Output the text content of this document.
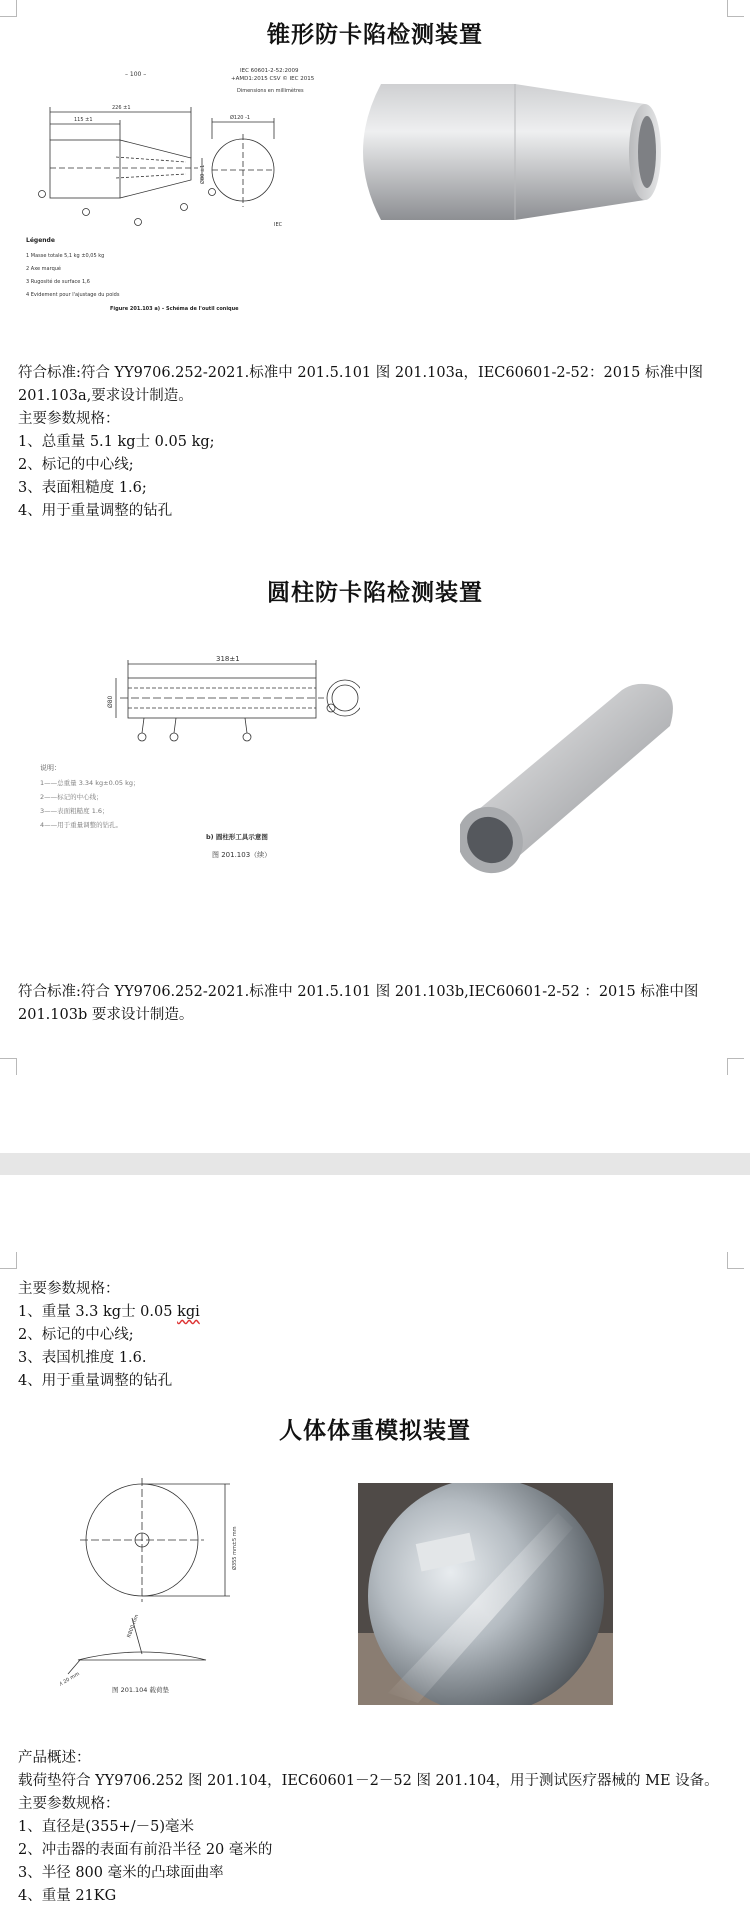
锥形防卡陷检测装置
– 100 –	IEC 60601-2-52:2009
+AMD1:2015 CSV © IEC 2015
Dimensions en millimètres
226 ±1
115 ±1	Ø120 -1
Ø80 ±1
IEC
Légende
1 Masse totale 5,1 kg ±0,05 kg
2 Axe marqué
3 Rugosité de surface 1,6
4 Evidement pour l'ajustage du poids
Figure 201.103 a) – Schéma de l'outil conique
符合标准:符合 YY9706.252-2021.标准中 201.5.101 图 201.103a，IEC60601-2-52：2015 标准中图
201.103a,要求设计制造。
主要参数规格：
1、总重量 5.1 kg士 0.05 kg;
2、标记的中心线;
3、表面粗糙度 1.6;
4、用于重量调整的钻孔
圆柱防卡陷检测装置
318±1
Ø80
说明：
1——总重量 3.34 kg±0.05 kg；
2——标记的中心线；
3——表面粗糙度 1.6；
4——用于重量调整的钻孔。
b) 圆柱形工具示意图
图 201.103（续）
符合标准:符合 YY9706.252-2021.标准中 201.5.101 图 201.103b,IEC60601-2-52 ：2015 标准中图
201.103b 要求设计制造。
主要参数规格：
1、重量 3.3 kg士 0.05 kgi
2、标记的中心线;
3、表国机推度 1.6.
4、用于重量调整的钻孔
人体体重模拟装置
Ø355 mm±5 mm
R800 mm
R 20 mm
图 201.104 载荷垫
产品概述：
载荷垫符合 YY9706.252 图 201.104，IEC60601－2－52 图 201.104，用于测试医疗器械的 ME 设备。
主要参数规格：
1、直径是(355+/－5)毫米
2、冲击器的表面有前沿半径 20 毫米的
3、半径 800 毫米的凸球面曲率
4、重量 21KG
